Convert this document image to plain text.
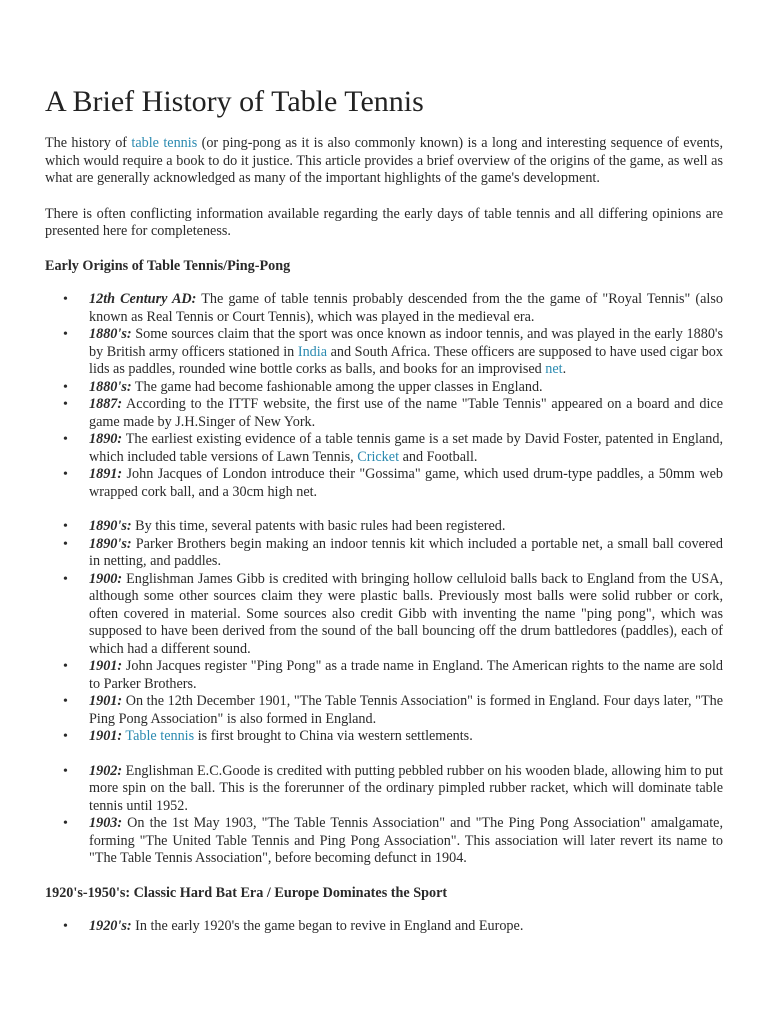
A Brief History of Table Tennis

The history of table tennis (or ping-pong as it is also commonly known) is a long and interesting sequence of events, which would require a book to do it justice. This article provides a brief overview of the origins of the game, as well as what are generally acknowledged as many of the important highlights of the game's development.

There is often conflicting information available regarding the early days of table tennis and all differing opinions are presented here for completeness.

Early Origins of Table Tennis/Ping-Pong
• 12th Century AD: The game of table tennis probably descended from the the game of "Royal Tennis" (also known as Real Tennis or Court Tennis), which was played in the medieval era.
• 1880's: Some sources claim that the sport was once known as indoor tennis, and was played in the early 1880's by British army officers stationed in India and South Africa. These officers are supposed to have used cigar box lids as paddles, rounded wine bottle corks as balls, and books for an improvised net.
• 1880's: The game had become fashionable among the upper classes in England.
• 1887: According to the ITTF website, the first use of the name "Table Tennis" appeared on a board and dice game made by J.H.Singer of New York.
• 1890: The earliest existing evidence of a table tennis game is a set made by David Foster, patented in England, which included table versions of Lawn Tennis, Cricket and Football.
• 1891: John Jacques of London introduce their "Gossima" game, which used drum-type paddles, a 50mm web wrapped cork ball, and a 30cm high net.
• 1890's: By this time, several patents with basic rules had been registered.
• 1890's: Parker Brothers begin making an indoor tennis kit which included a portable net, a small ball covered in netting, and paddles.
• 1900: Englishman James Gibb is credited with bringing hollow celluloid balls back to England from the USA, although some other sources claim they were plastic balls. Previously most balls were solid rubber or cork, often covered in material. Some sources also credit Gibb with inventing the name "ping pong", which was supposed to have been derived from the sound of the ball bouncing off the drum battledores (paddles), each of which had a different sound.
• 1901: John Jacques register "Ping Pong" as a trade name in England. The American rights to the name are sold to Parker Brothers.
• 1901: On the 12th December 1901, "The Table Tennis Association" is formed in England. Four days later, "The Ping Pong Association" is also formed in England.
• 1901: Table tennis is first brought to China via western settlements.
• 1902: Englishman E.C.Goode is credited with putting pebbled rubber on his wooden blade, allowing him to put more spin on the ball. This is the forerunner of the ordinary pimpled rubber racket, which will dominate table tennis until 1952.
• 1903: On the 1st May 1903, "The Table Tennis Association" and "The Ping Pong Association" amalgamate, forming "The United Table Tennis and Ping Pong Association". This association will later revert its name to "The Table Tennis Association", before becoming defunct in 1904.
1920's-1950's: Classic Hard Bat Era / Europe Dominates the Sport
• 1920's: In the early 1920's the game began to revive in England and Europe.
